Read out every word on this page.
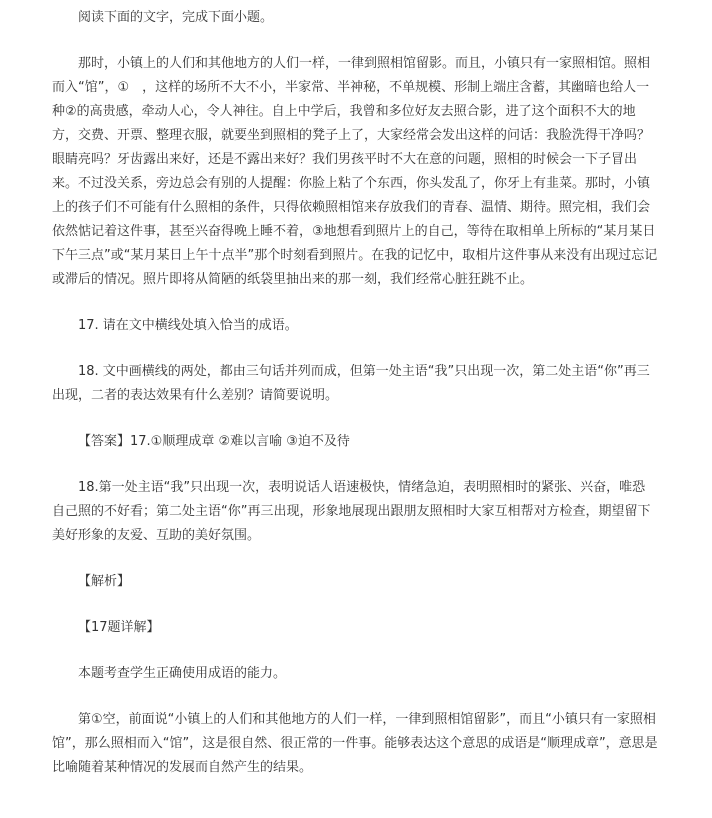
阅读下面的文字，完成下面小题。

那时，小镇上的人们和其他地方的人们一样，一律到照相馆留影。而且，小镇只有一家照相馆。照相而入“馆”，①　，这样的场所不大不小，半家常、半神秘，不单规模、形制上端庄含蓄，其幽暗也给人一种②的高贵感，牵动人心，令人神往。自上中学后，我曾和多位好友去照合影，进了这个面积不大的地方，交费、开票、整理衣服，就要坐到照相的凳子上了，大家经常会发出这样的问话：我脸洗得干净吗？眼睛亮吗？牙齿露出来好，还是不露出来好？我们男孩平时不大在意的问题，照相的时候会一下子冒出来。不过没关系，旁边总会有别的人提醒：你脸上粘了个东西，你头发乱了，你牙上有韭菜。那时，小镇上的孩子们不可能有什么照相的条件，只得依赖照相馆来存放我们的青春、温情、期待。照完相，我们会依然惦记着这件事，甚至兴奋得晚上睡不着，③地想看到照片上的自己，等待在取相单上所标的“某月某日下午三点”或“某月某日上午十点半”那个时刻看到照片。在我的记忆中，取相片这件事从来没有出现过忘记或滞后的情况。照片即将从简陋的纸袋里抽出来的那一刻，我们经常心脏狂跳不止。

17. 请在文中横线处填入恰当的成语。

18. 文中画横线的两处，都由三句话并列而成，但第一处主语“我”只出现一次，第二处主语“你”再三出现，二者的表达效果有什么差别？请简要说明。

【答案】17.①顺理成章 ②难以言喻 ③迫不及待

18.第一处主语“我”只出现一次，表明说话人语速极快，情绪急迫，表明照相时的紧张、兴奋，唯恐自己照的不好看；第二处主语“你”再三出现，形象地展现出跟朋友照相时大家互相帮对方检查，期望留下美好形象的友爱、互助的美好氛围。

【解析】

【17题详解】

本题考查学生正确使用成语的能力。

第①空，前面说“小镇上的人们和其他地方的人们一样，一律到照相馆留影”，而且“小镇只有一家照相馆”，那么照相而入“馆”，这是很自然、很正常的一件事。能够表达这个意思的成语是“顺理成章”，意思是比喻随着某种情况的发展而自然产生的结果。
